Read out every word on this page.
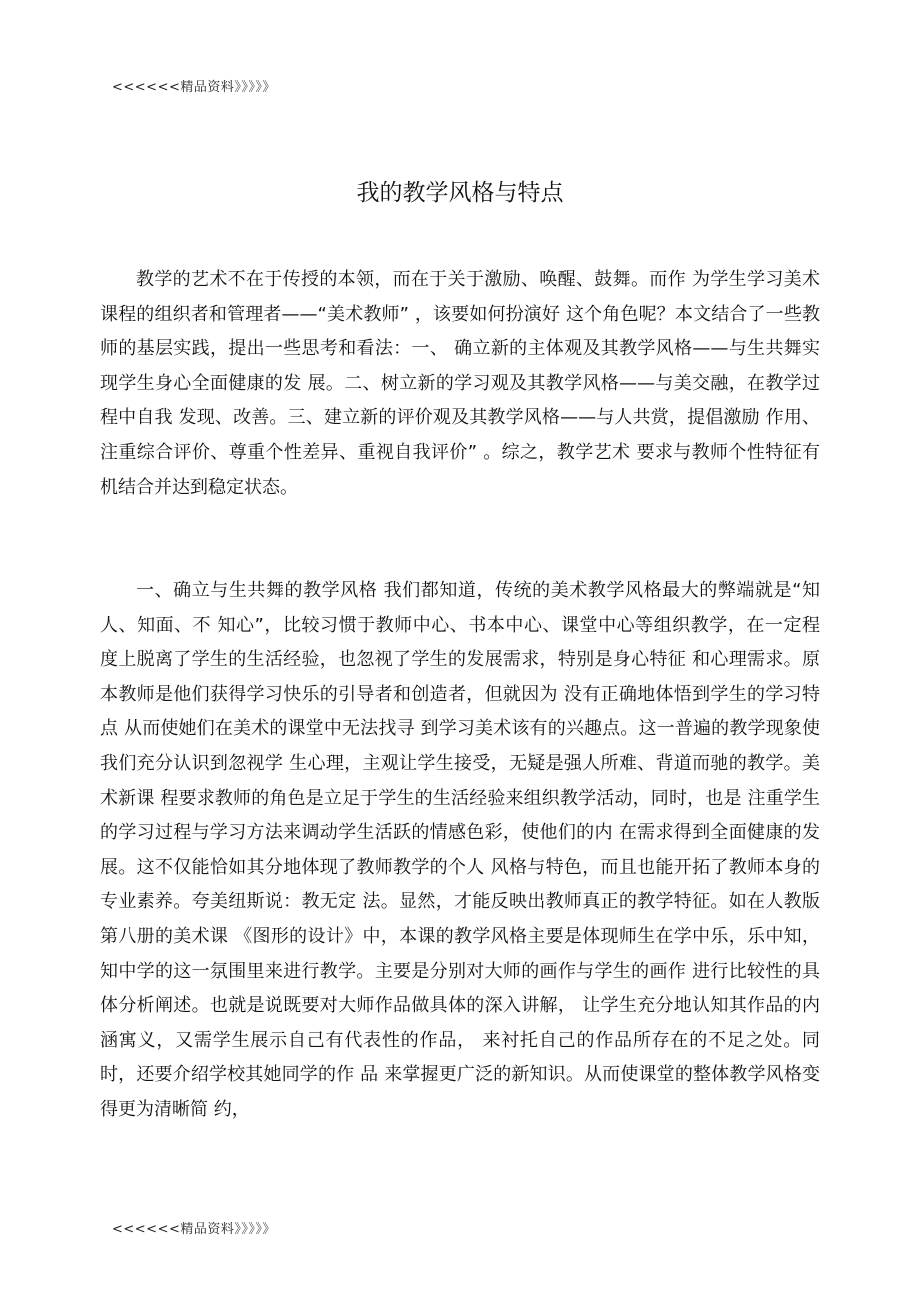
<<<<<<精品资料》》》》》
我的教学风格与特点

教学的艺术不在于传授的本领，而在于关于激励、唤醒、鼓舞。而作 为学生学习美术课程的组织者和管理者——“美术教师” ，该要如何扮演好 这个角色呢？本文结合了一些教师的基层实践，提出一些思考和看法：一、 确立新的主体观及其教学风格——与生共舞实现学生身心全面健康的发 展。二、树立新的学习观及其教学风格——与美交融，在教学过程中自我 发现、改善。三、建立新的评价观及其教学风格——与人共赏，提倡激励 作用、注重综合评价、尊重个性差异、重视自我评价” 。综之，教学艺术 要求与教师个性特征有机结合并达到稳定状态。

一、确立与生共舞的教学风格 我们都知道，传统的美术教学风格最大的弊端就是“知人、知面、不 知心”，比较习惯于教师中心、书本中心、课堂中心等组织教学，在一定程 度上脱离了学生的生活经验，也忽视了学生的发展需求，特别是身心特征 和心理需求。原本教师是他们获得学习快乐的引导者和创造者，但就因为 没有正确地体悟到学生的学习特点 从而使她们在美术的课堂中无法找寻 到学习美术该有的兴趣点。这一普遍的教学现象使我们充分认识到忽视学 生心理，主观让学生接受，无疑是强人所难、背道而驰的教学。美术新课 程要求教师的角色是立足于学生的生活经验来组织教学活动，同时，也是 注重学生的学习过程与学习方法来调动学生活跃的情感色彩，使他们的内 在需求得到全面健康的发展。这不仅能恰如其分地体现了教师教学的个人 风格与特色，而且也能开拓了教师本身的专业素养。夸美纽斯说：教无定 法。显然，才能反映出教师真正的教学特征。如在人教版第八册的美术课 《图形的设计》中，本课的教学风格主要是体现师生在学中乐，乐中知， 知中学的这一氛围里来进行教学。主要是分别对大师的画作与学生的画作 进行比较性的具体分析阐述。也就是说既要对大师作品做具体的深入讲解， 让学生充分地认知其作品的内涵寓义，又需学生展示自己有代表性的作品， 来衬托自己的作品所存在的不足之处。同时，还要介绍学校其她同学的作 品 来掌握更广泛的新知识。从而使课堂的整体教学风格变得更为清晰简 约，

<<<<<<精品资料》》》》》
